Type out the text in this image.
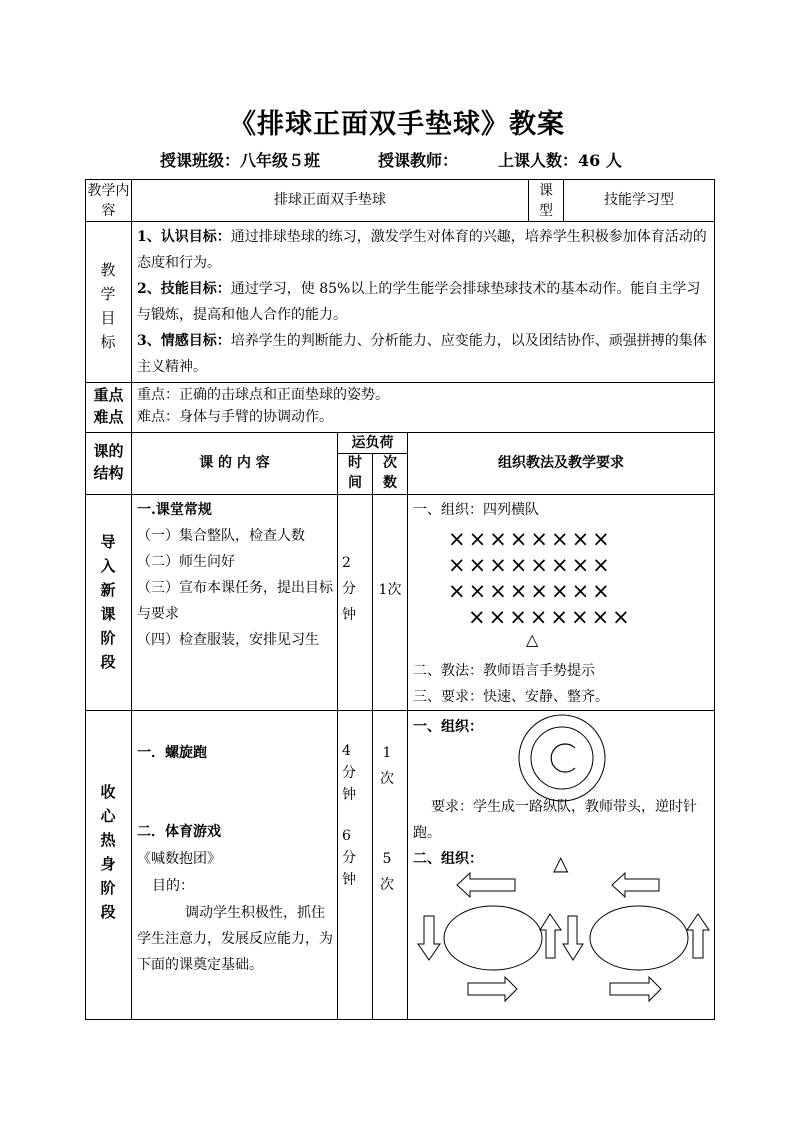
《排球正面双手垫球》教案
授课班级：八年级５班	授课教师： 上课人数：46 人
教学内容
排球正面双手垫球
课型
技能学习型
教学目标
1、认识目标：通过排球垫球的练习，激发学生对体育的兴趣，培养学生积极参加体育活动的态度和行为。
2、技能目标：通过学习，使 85%以上的学生能学会排球垫球技术的基本动作。能自主学习与锻炼，提高和他人合作的能力。
3、情感目标：培养学生的判断能力、分析能力、应变能力，以及团结协作、顽强拼搏的集体主义精神。
重点难点
重点：正确的击球点和正面垫球的姿势。
难点：身体与手臂的协调动作。
课的结构
课 的 内 容
运负荷
时间
次数
组织教法及教学要求
导入新课阶段
一.课堂常规
（一）集合整队，检查人数
（二）师生问好
（三）宣布本课任务，提出目标与要求
（四）检查服装，安排见习生
2分钟
1次
一、组织：四列横队
××××××××
××××××××
××××××××
××××××××
△
二、教法：教师语言手势提示
三、要求：快速、安静、整齐。
收心热身阶段
一．螺旋跑
二．体育游戏
《喊数抱团》
目的：
调动学生积极性，抓住学生注意力，发展反应能力，为下面的课奠定基础。
4分钟
1次
6分钟
5次
一、组织：
要求：学生成一路纵队，教师带头，逆时针跑。
二、组织：	△
